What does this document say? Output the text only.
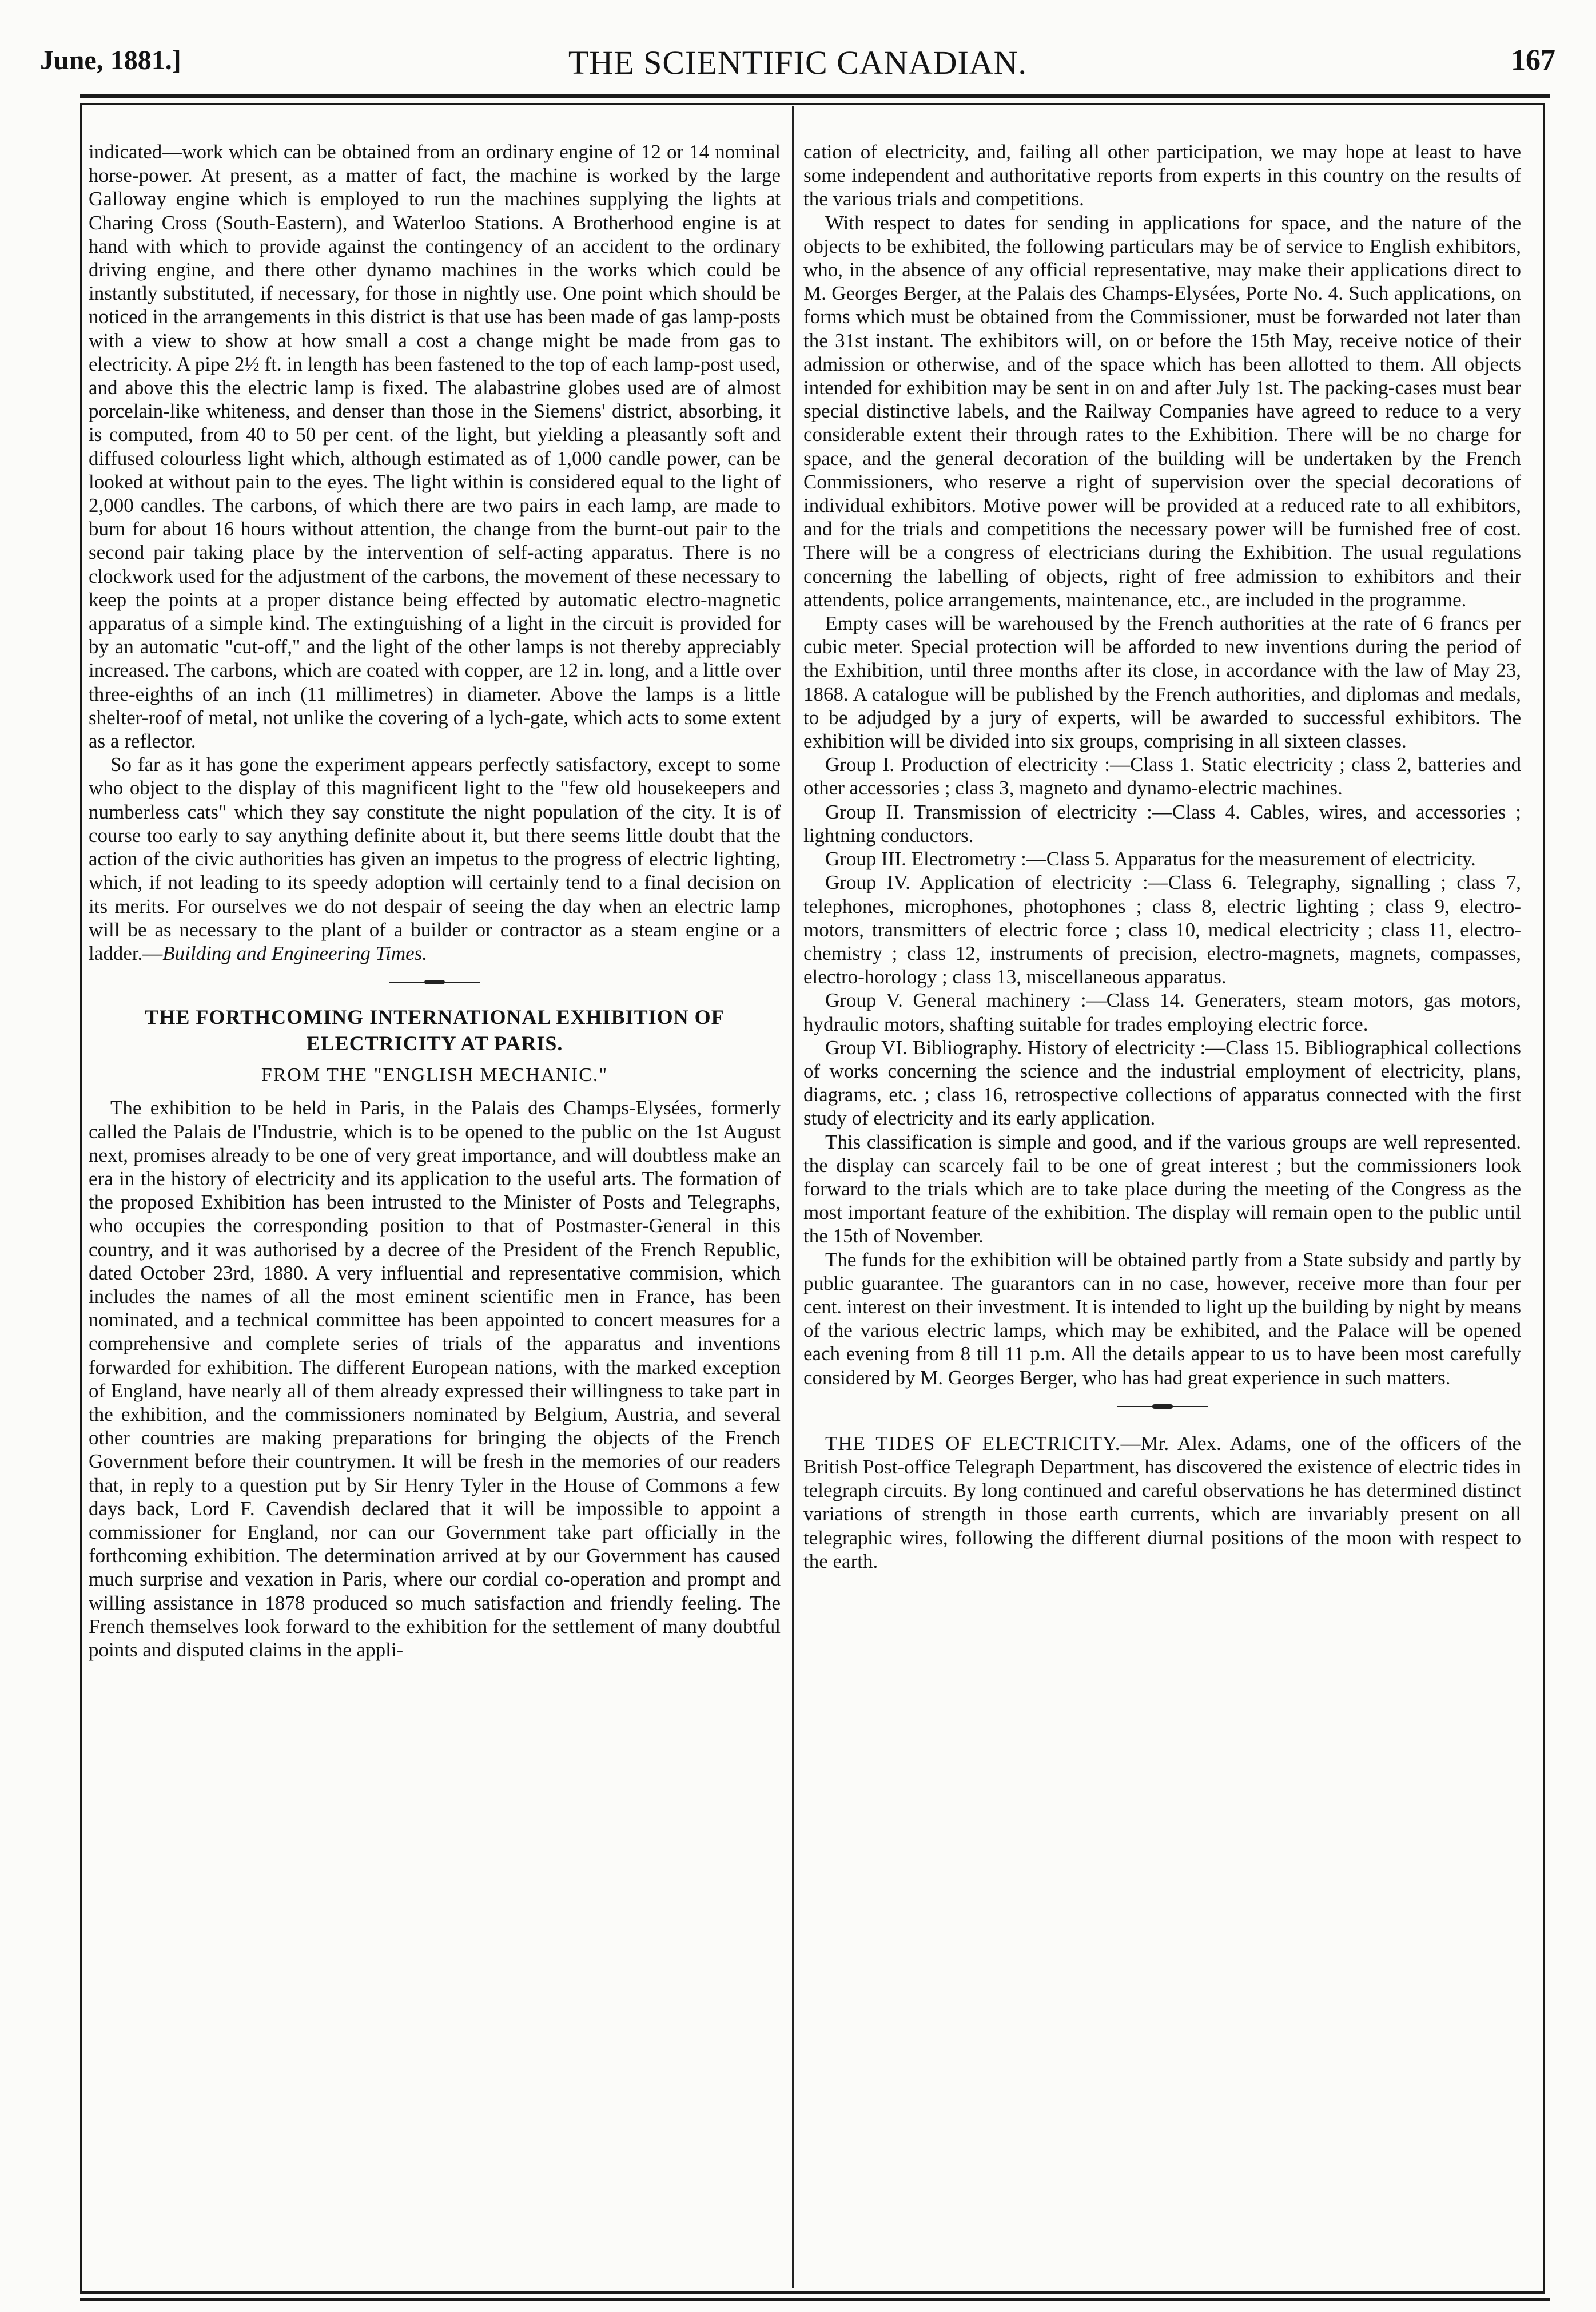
June, 1881.]	THE SCIENTIFIC CANADIAN.	167

indicated—work which can be obtained from an ordinary engine of 12 or 14 nominal horse-power. At present, as a matter of fact, the machine is worked by the large Galloway engine which is employed to run the machines supplying the lights at Charing Cross (South-Eastern), and Waterloo Stations. A Brotherhood engine is at hand with which to provide against the contingency of an accident to the ordinary driving engine, and there other dynamo machines in the works which could be instantly substituted, if necessary, for those in nightly use. One point which should be noticed in the arrangements in this district is that use has been made of gas lamp-posts with a view to show at how small a cost a change might be made from gas to electricity. A pipe 2½ ft. in length has been fastened to the top of each lamp-post used, and above this the electric lamp is fixed. The alabastrine globes used are of almost porcelain-like whiteness, and denser than those in the Siemens' district, absorbing, it is computed, from 40 to 50 per cent. of the light, but yielding a pleasantly soft and diffused colourless light which, although estimated as of 1,000 candle power, can be looked at without pain to the eyes. The light within is considered equal to the light of 2,000 candles. The carbons, of which there are two pairs in each lamp, are made to burn for about 16 hours without attention, the change from the burnt-out pair to the second pair taking place by the intervention of self-acting apparatus. There is no clockwork used for the adjustment of the carbons, the movement of these necessary to keep the points at a proper distance being effected by automatic electro-magnetic apparatus of a simple kind. The extinguishing of a light in the circuit is provided for by an automatic "cut-off," and the light of the other lamps is not thereby appreciably increased. The carbons, which are coated with copper, are 12 in. long, and a little over three-eighths of an inch (11 millimetres) in diameter. Above the lamps is a little shelter-roof of metal, not unlike the covering of a lych-gate, which acts to some extent as a reflector.

So far as it has gone the experiment appears perfectly satisfactory, except to some who object to the display of this magnificent light to the "few old housekeepers and numberless cats" which they say constitute the night population of the city. It is of course too early to say anything definite about it, but there seems little doubt that the action of the civic authorities has given an impetus to the progress of electric lighting, which, if not leading to its speedy adoption will certainly tend to a final decision on its merits. For ourselves we do not despair of seeing the day when an electric lamp will be as necessary to the plant of a builder or contractor as a steam engine or a ladder.—Building and Engineering Times.

THE FORTHCOMING INTERNATIONAL EXHIBITION OF ELECTRICITY AT PARIS.
FROM THE "ENGLISH MECHANIC."

The exhibition to be held in Paris, in the Palais des Champs-Elysées, formerly called the Palais de l'Industrie, which is to be opened to the public on the 1st August next, promises already to be one of very great importance, and will doubtless make an era in the history of electricity and its application to the useful arts. The formation of the proposed Exhibition has been intrusted to the Minister of Posts and Telegraphs, who occupies the corresponding position to that of Postmaster-General in this country, and it was authorised by a decree of the President of the French Republic, dated October 23rd, 1880. A very influential and representative commision, which includes the names of all the most eminent scientific men in France, has been nominated, and a technical committee has been appointed to concert measures for a comprehensive and complete series of trials of the apparatus and inventions forwarded for exhibition. The different European nations, with the marked exception of England, have nearly all of them already expressed their willingness to take part in the exhibition, and the commissioners nominated by Belgium, Austria, and several other countries are making preparations for bringing the objects of the French Government before their countrymen. It will be fresh in the memories of our readers that, in reply to a question put by Sir Henry Tyler in the House of Commons a few days back, Lord F. Cavendish declared that it will be impossible to appoint a commissioner for England, nor can our Government take part officially in the forthcoming exhibition. The determination arrived at by our Government has caused much surprise and vexation in Paris, where our cordial co-operation and prompt and willing assistance in 1878 produced so much satisfaction and friendly feeling. The French themselves look forward to the exhibition for the settlement of many doubtful points and disputed claims in the appli-

cation of electricity, and, failing all other participation, we may hope at least to have some independent and authoritative reports from experts in this country on the results of the various trials and competitions.

With respect to dates for sending in applications for space, and the nature of the objects to be exhibited, the following particulars may be of service to English exhibitors, who, in the absence of any official representative, may make their applications direct to M. Georges Berger, at the Palais des Champs-Elysées, Porte No. 4. Such applications, on forms which must be obtained from the Commissioner, must be forwarded not later than the 31st instant. The exhibitors will, on or before the 15th May, receive notice of their admission or otherwise, and of the space which has been allotted to them. All objects intended for exhibition may be sent in on and after July 1st. The packing-cases must bear special distinctive labels, and the Railway Companies have agreed to reduce to a very considerable extent their through rates to the Exhibition. There will be no charge for space, and the general decoration of the building will be undertaken by the French Commissioners, who reserve a right of supervision over the special decorations of individual exhibitors. Motive power will be provided at a reduced rate to all exhibitors, and for the trials and competitions the necessary power will be furnished free of cost. There will be a congress of electricians during the Exhibition. The usual regulations concerning the labelling of objects, right of free admission to exhibitors and their attendents, police arrangements, maintenance, etc., are included in the programme.

Empty cases will be warehoused by the French authorities at the rate of 6 francs per cubic meter. Special protection will be afforded to new inventions during the period of the Exhibition, until three months after its close, in accordance with the law of May 23, 1868. A catalogue will be published by the French authorities, and diplomas and medals, to be adjudged by a jury of experts, will be awarded to successful exhibitors. The exhibition will be divided into six groups, comprising in all sixteen classes.

Group I. Production of electricity :—Class 1. Static electricity ; class 2, batteries and other accessories ; class 3, magneto and dynamo-electric machines.

Group II. Transmission of electricity :—Class 4. Cables, wires, and accessories ; lightning conductors.

Group III. Electrometry :—Class 5. Apparatus for the measurement of electricity.

Group IV. Application of electricity :—Class 6. Telegraphy, signalling ; class 7, telephones, microphones, photophones ; class 8, electric lighting ; class 9, electro-motors, transmitters of electric force ; class 10, medical electricity ; class 11, electro-chemistry ; class 12, instruments of precision, electro-magnets, magnets, compasses, electro-horology ; class 13, miscellaneous apparatus.

Group V. General machinery :—Class 14. Generaters, steam motors, gas motors, hydraulic motors, shafting suitable for trades employing electric force.

Group VI. Bibliography. History of electricity :—Class 15. Bibliographical collections of works concerning the science and the industrial employment of electricity, plans, diagrams, etc. ; class 16, retrospective collections of apparatus connected with the first study of electricity and its early application.

This classification is simple and good, and if the various groups are well represented. the display can scarcely fail to be one of great interest ; but the commissioners look forward to the trials which are to take place during the meeting of the Congress as the most important feature of the exhibition. The display will remain open to the public until the 15th of November.

The funds for the exhibition will be obtained partly from a State subsidy and partly by public guarantee. The guarantors can in no case, however, receive more than four per cent. interest on their investment. It is intended to light up the building by night by means of the various electric lamps, which may be exhibited, and the Palace will be opened each evening from 8 till 11 p.m. All the details appear to us to have been most carefully considered by M. Georges Berger, who has had great experience in such matters.

THE TIDES OF ELECTRICITY.—Mr. Alex. Adams, one of the officers of the British Post-office Telegraph Department, has discovered the existence of electric tides in telegraph circuits. By long continued and careful observations he has determined distinct variations of strength in those earth currents, which are invariably present on all telegraphic wires, following the different diurnal positions of the moon with respect to the earth.
